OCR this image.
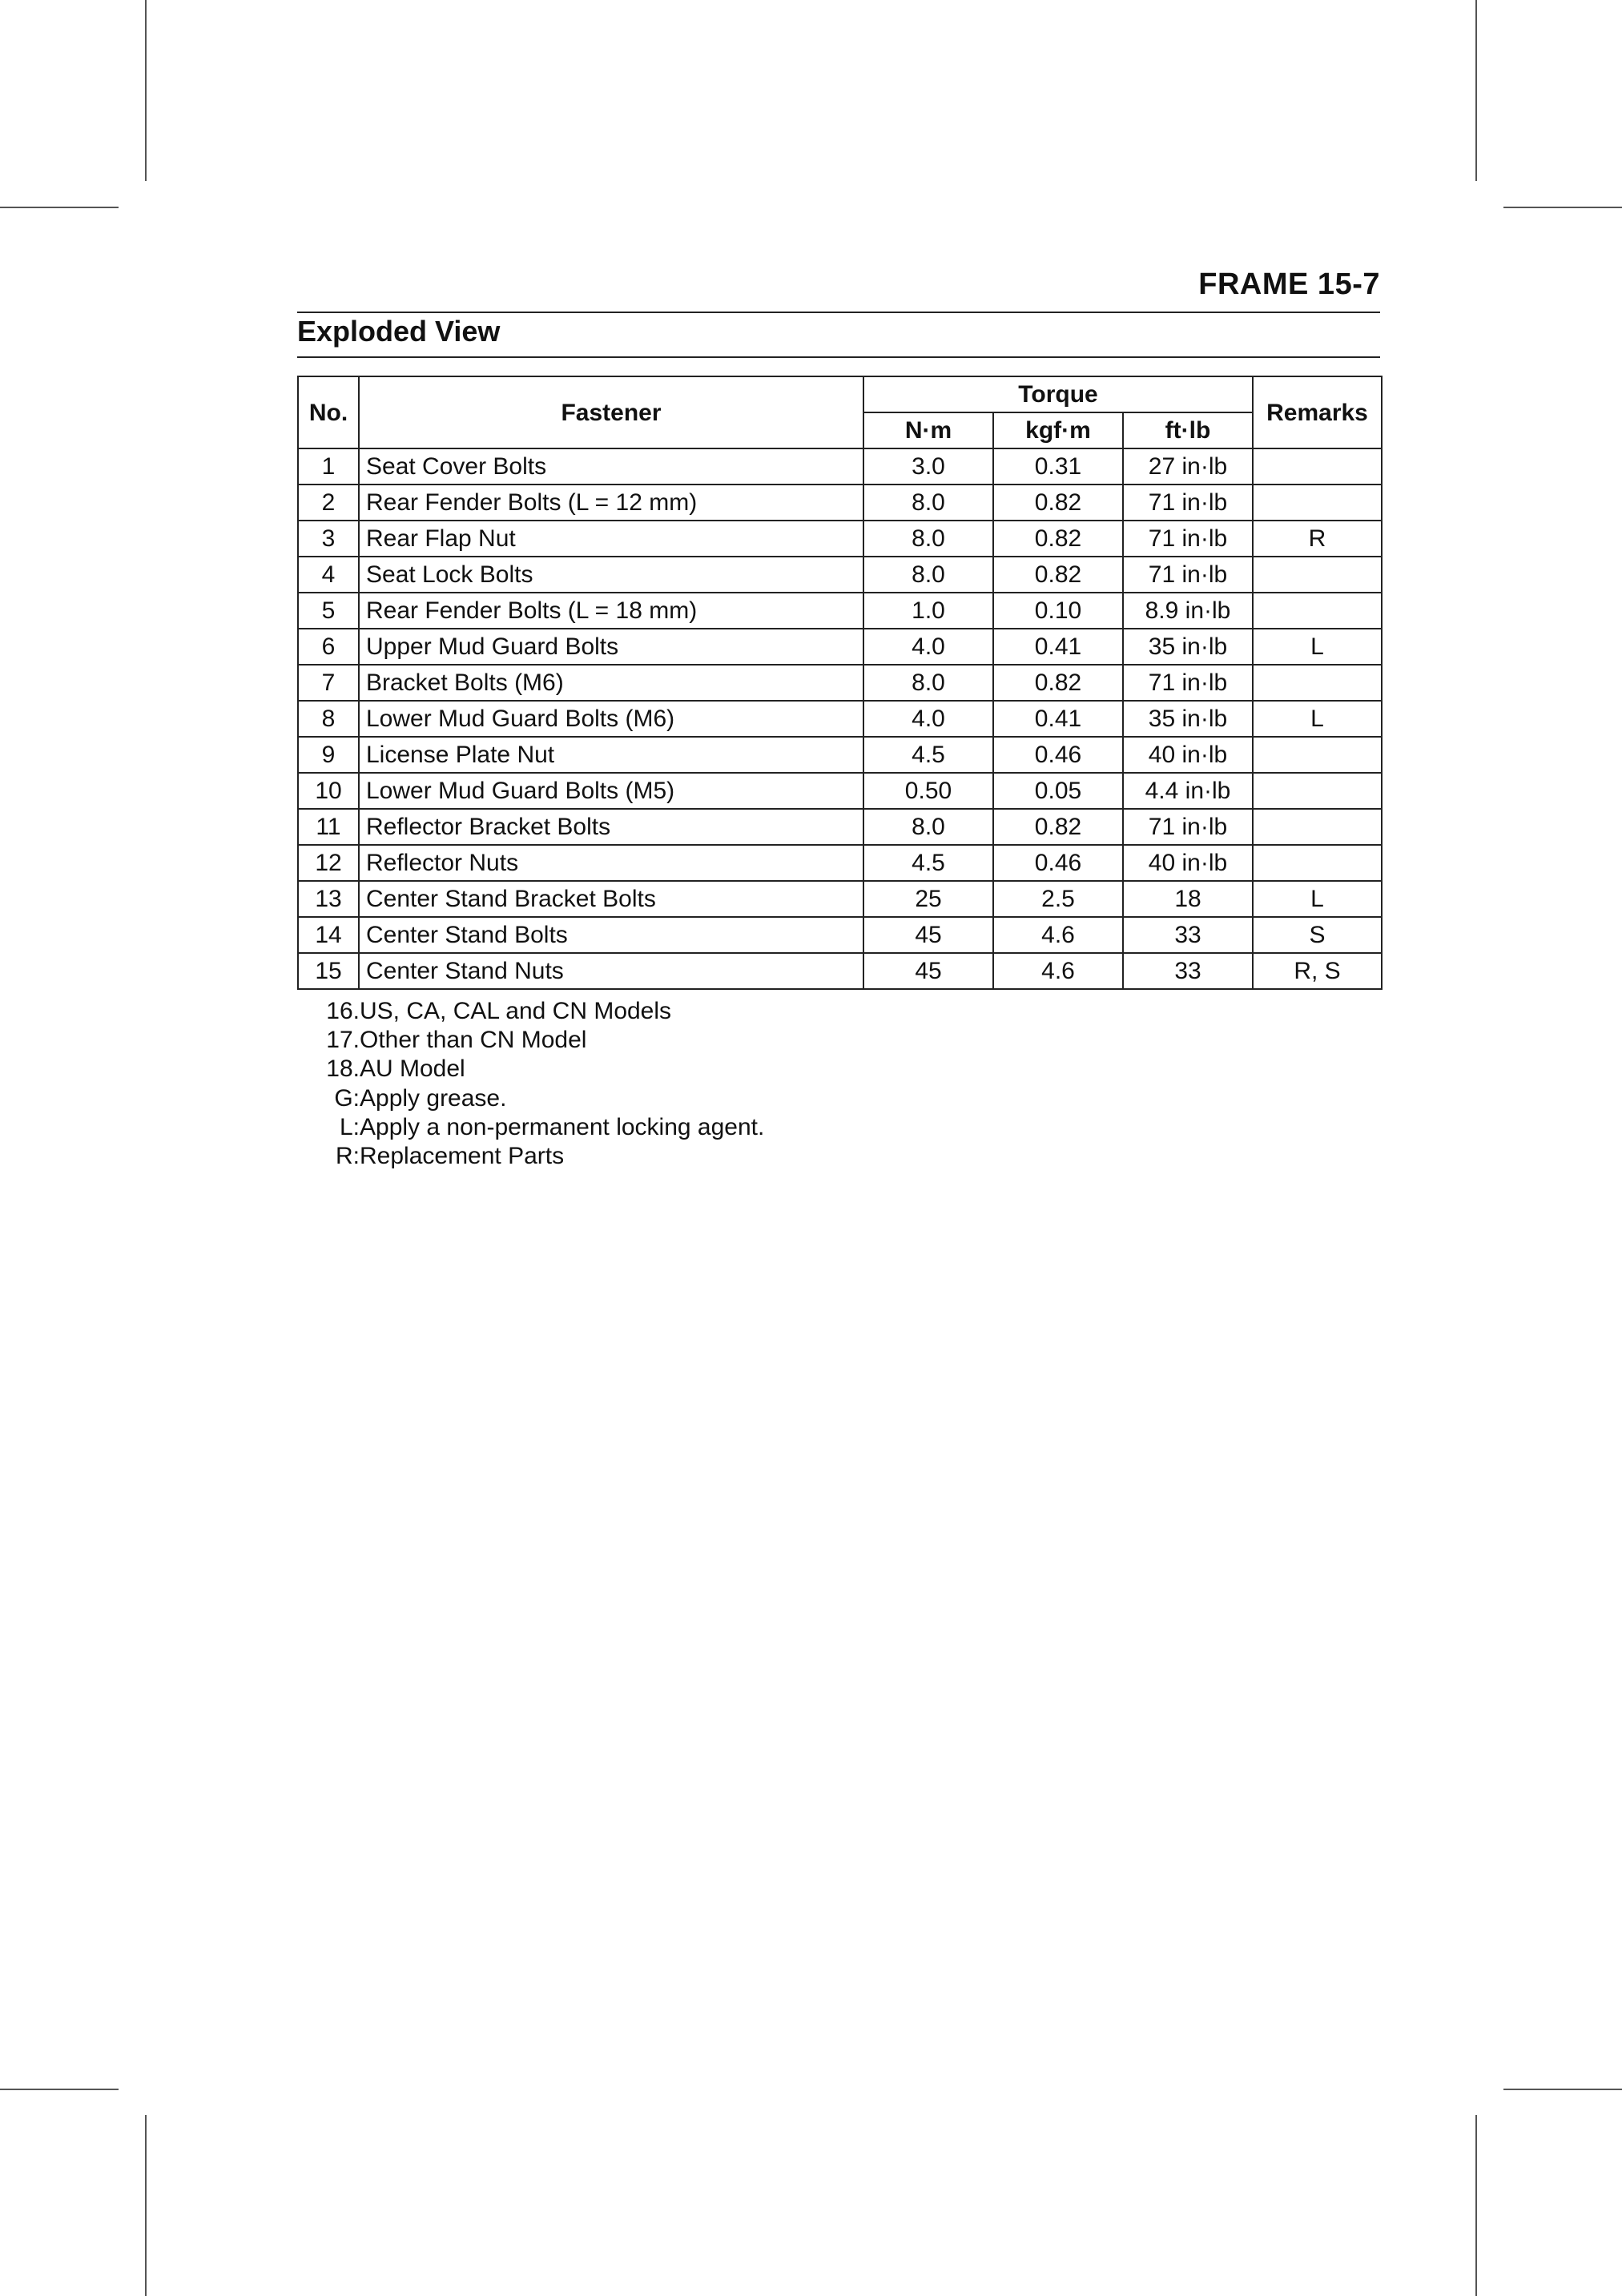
FRAME 15-7
Exploded View
No.	Fastener	Torque			Remarks
		N·m	kgf·m	ft·lb	
1	Seat Cover Bolts	3.0	0.31	27 in·lb	
2	Rear Fender Bolts (L = 12 mm)	8.0	0.82	71 in·lb	
3	Rear Flap Nut	8.0	0.82	71 in·lb	R
4	Seat Lock Bolts	8.0	0.82	71 in·lb	
5	Rear Fender Bolts (L = 18 mm)	1.0	0.10	8.9 in·lb	
6	Upper Mud Guard Bolts	4.0	0.41	35 in·lb	L
7	Bracket Bolts (M6)	8.0	0.82	71 in·lb	
8	Lower Mud Guard Bolts (M6)	4.0	0.41	35 in·lb	L
9	License Plate Nut	4.5	0.46	40 in·lb	
10	Lower Mud Guard Bolts (M5)	0.50	0.05	4.4 in·lb	
11	Reflector Bracket Bolts	8.0	0.82	71 in·lb	
12	Reflector Nuts	4.5	0.46	40 in·lb	
13	Center Stand Bracket Bolts	25	2.5	18	L
14	Center Stand Bolts	45	4.6	33	S
15	Center Stand Nuts	45	4.6	33	R, S
16. US, CA, CAL and CN Models
17. Other than CN Model
18. AU Model
G: Apply grease.
L: Apply a non-permanent locking agent.
R: Replacement Parts
